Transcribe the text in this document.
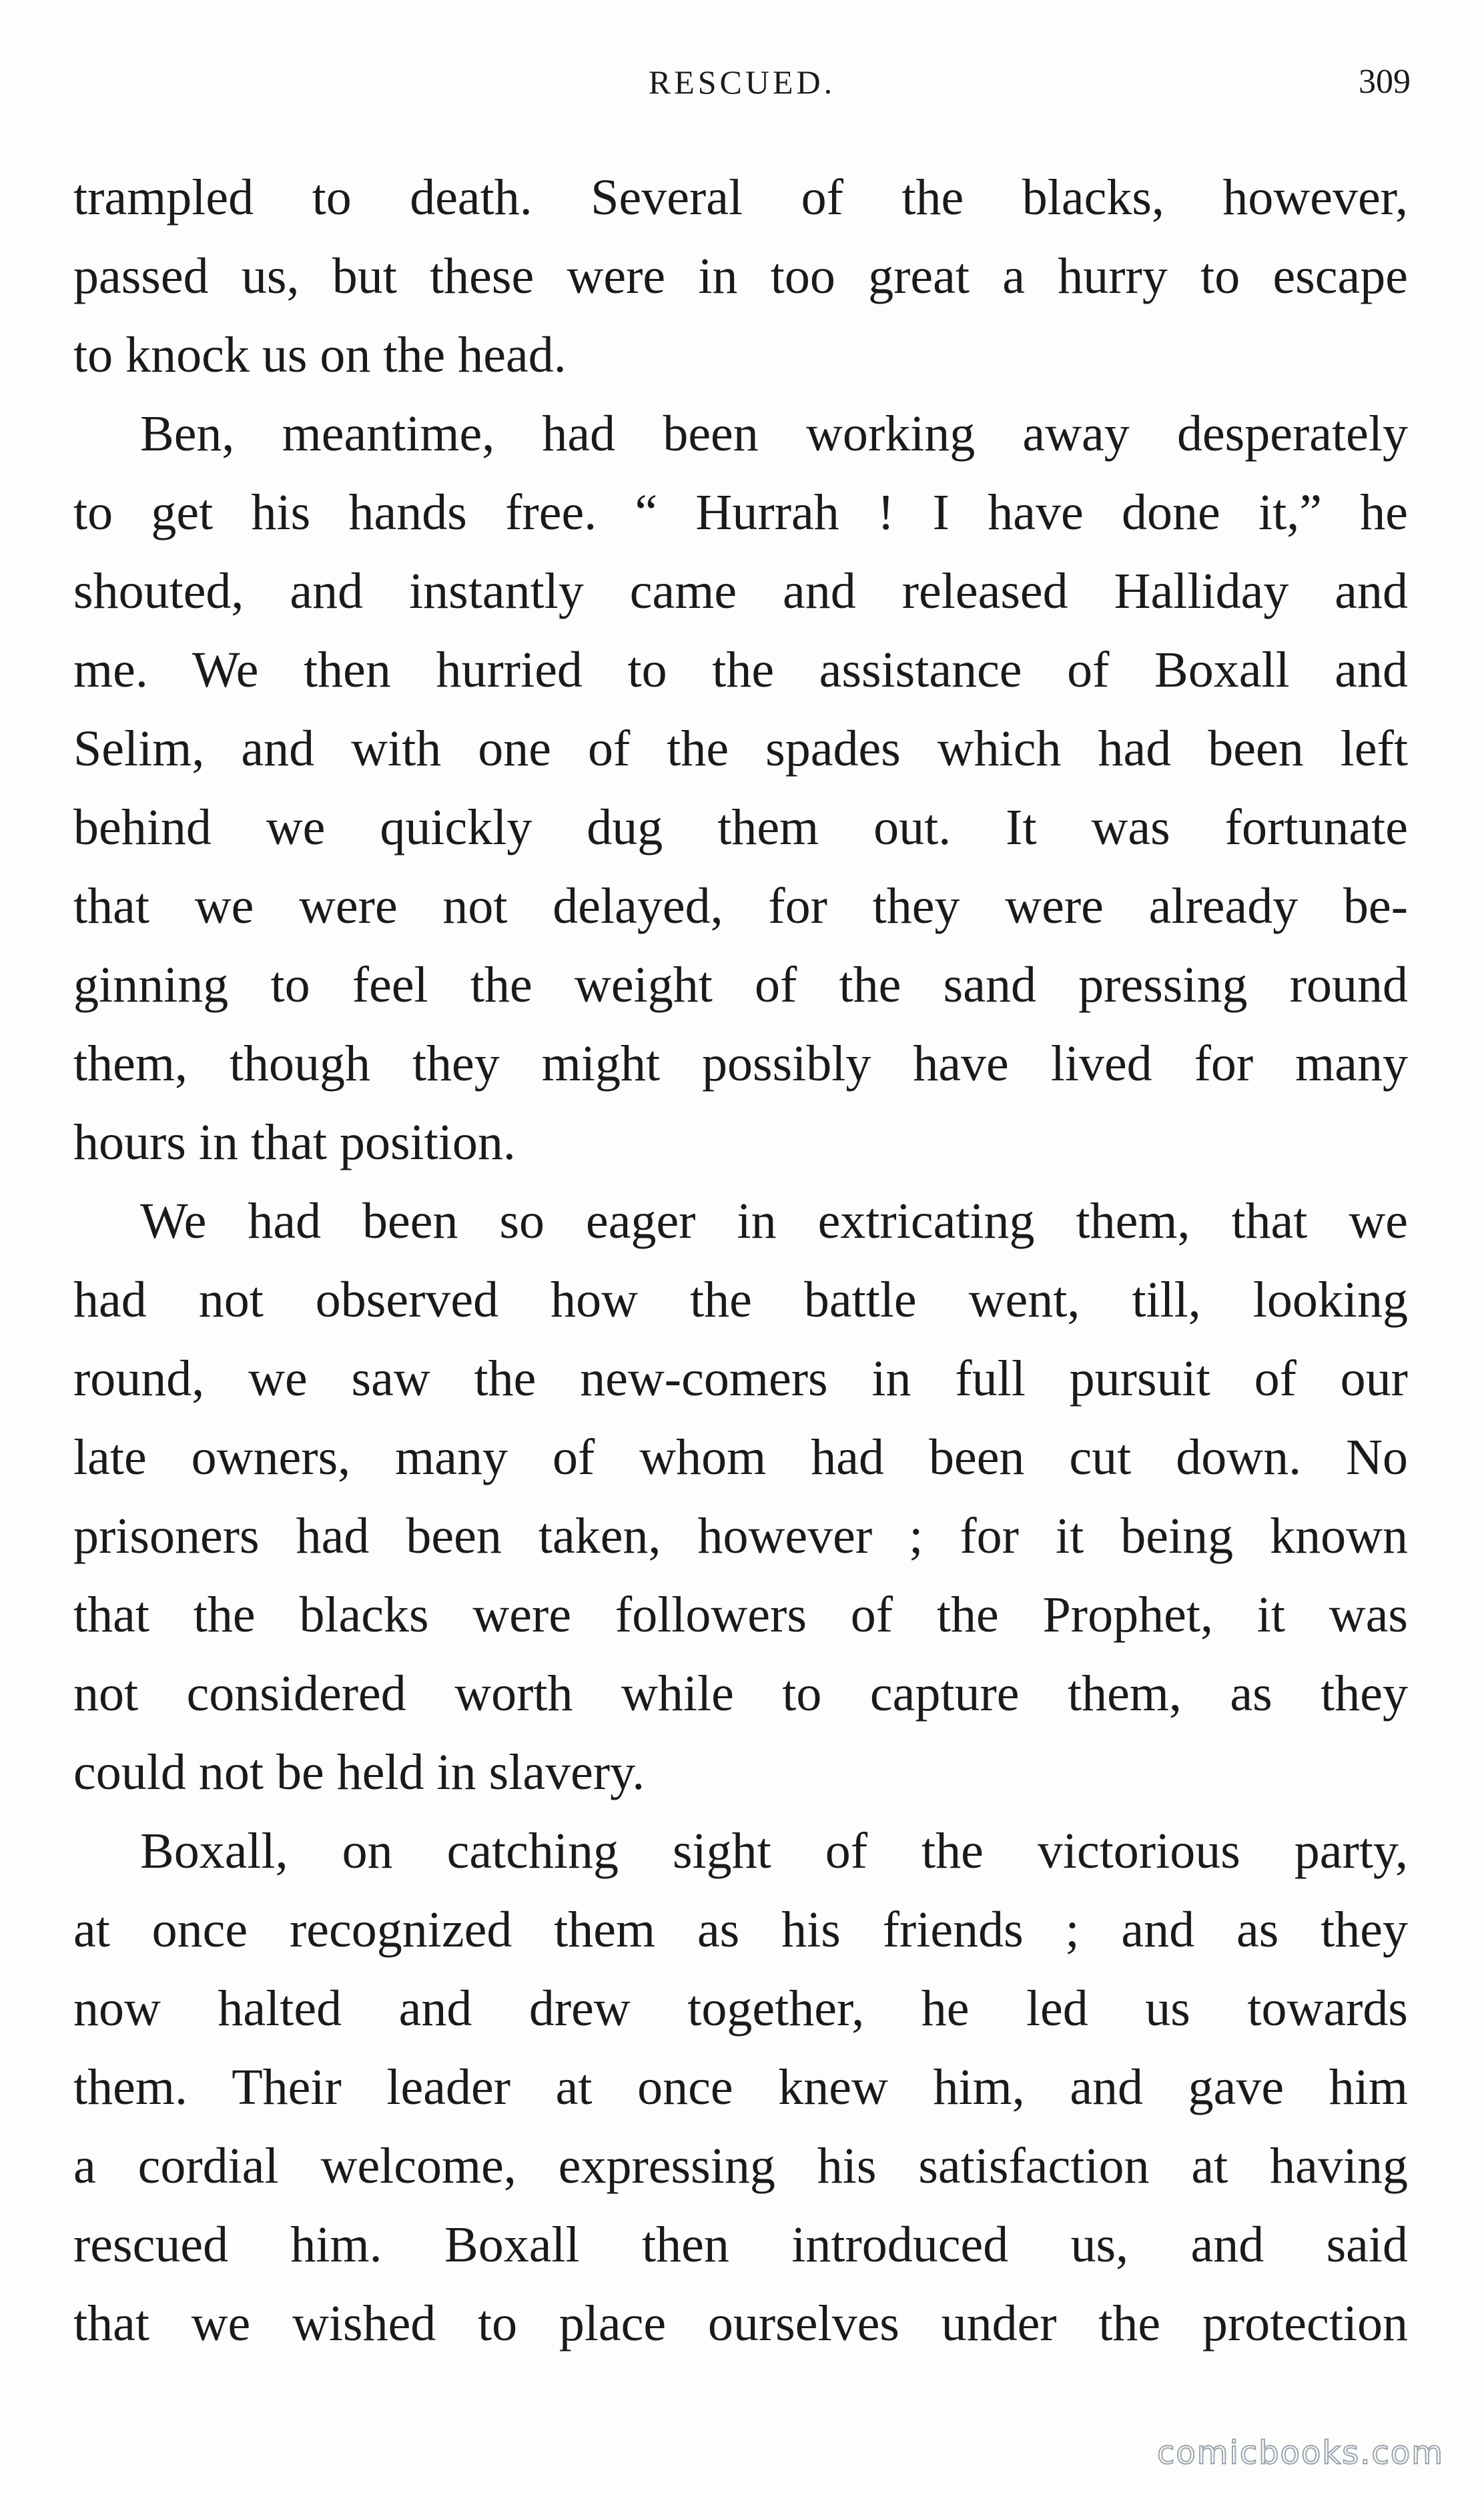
RESCUED.	309
trampled to death. Several of the blacks, however,
passed us, but these were in too great a hurry to escape
to knock us on the head.
Ben, meantime, had been working away desperately
to get his hands free. “ Hurrah ! I have done it,” he
shouted, and instantly came and released Halliday and
me. We then hurried to the assistance of Boxall and
Selim, and with one of the spades which had been left
behind we quickly dug them out. It was fortunate
that we were not delayed, for they were already be-
ginning to feel the weight of the sand pressing round
them, though they might possibly have lived for many
hours in that position.
We had been so eager in extricating them, that we
had not observed how the battle went, till, looking
round, we saw the new-comers in full pursuit of our
late owners, many of whom had been cut down. No
prisoners had been taken, however ; for it being known
that the blacks were followers of the Prophet, it was
not considered worth while to capture them, as they
could not be held in slavery.
Boxall, on catching sight of the victorious party,
at once recognized them as his friends ; and as they
now halted and drew together, he led us towards
them. Their leader at once knew him, and gave him
a cordial welcome, expressing his satisfaction at having
rescued him. Boxall then introduced us, and said
that we wished to place ourselves under the protection
comicbooks.com
